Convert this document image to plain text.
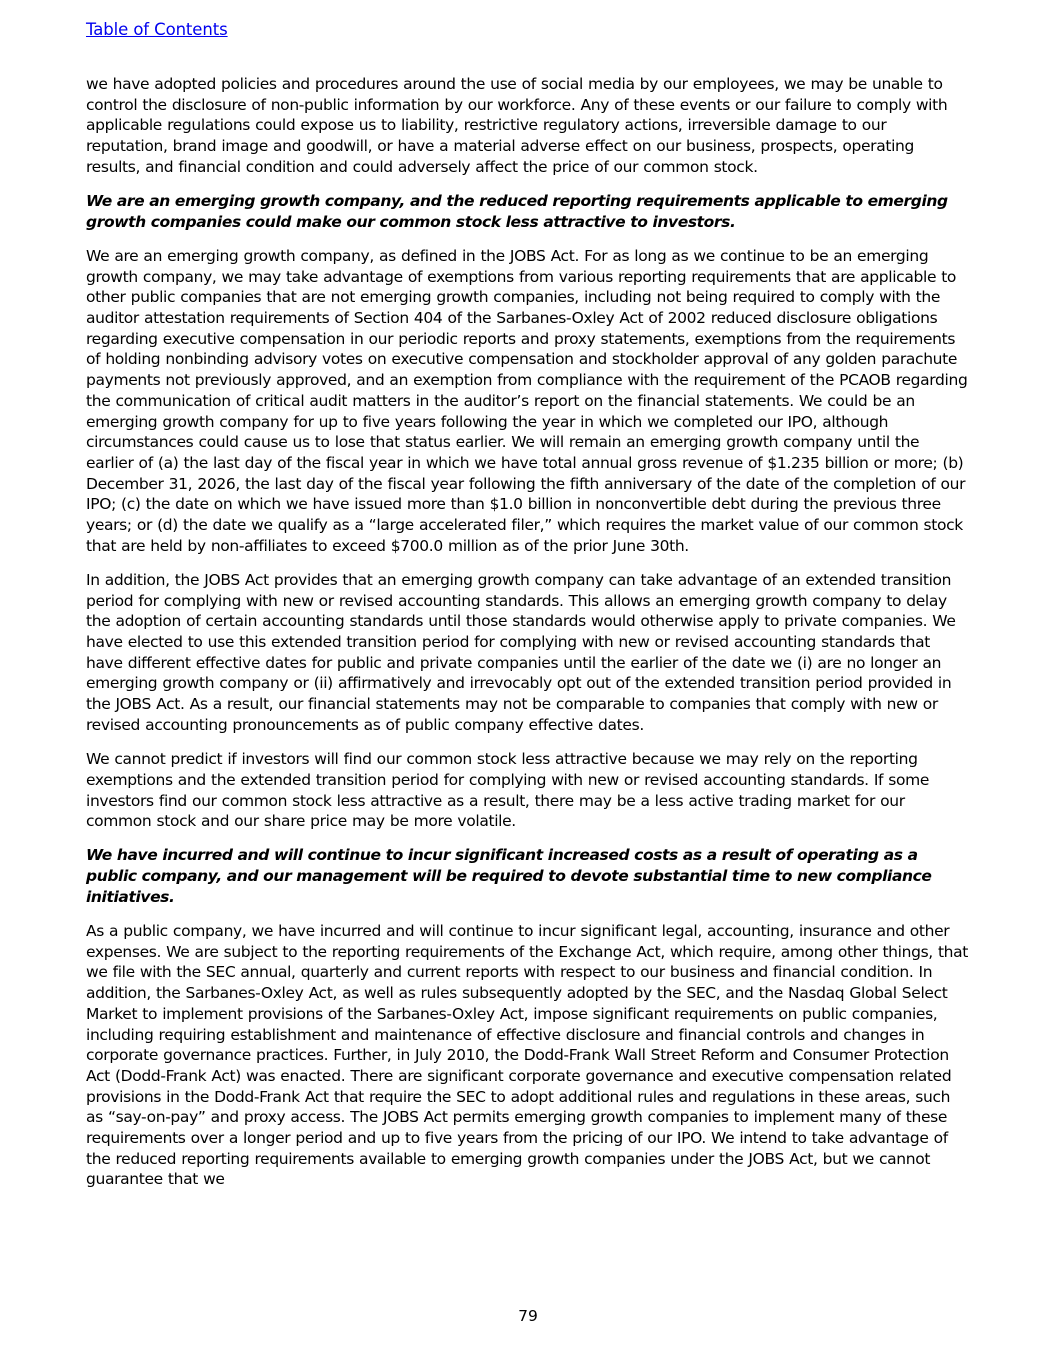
Table of Contents

we have adopted policies and procedures around the use of social media by our employees, we may be unable to control the disclosure of non-public information by our workforce. Any of these events or our failure to comply with applicable regulations could expose us to liability, restrictive regulatory actions, irreversible damage to our reputation, brand image and goodwill, or have a material adverse effect on our business, prospects, operating results, and financial condition and could adversely affect the price of our common stock.

We are an emerging growth company, and the reduced reporting requirements applicable to emerging growth companies could make our common stock less attractive to investors.

We are an emerging growth company, as defined in the JOBS Act. For as long as we continue to be an emerging growth company, we may take advantage of exemptions from various reporting requirements that are applicable to other public companies that are not emerging growth companies, including not being required to comply with the auditor attestation requirements of Section 404 of the Sarbanes-Oxley Act of 2002 reduced disclosure obligations regarding executive compensation in our periodic reports and proxy statements, exemptions from the requirements of holding nonbinding advisory votes on executive compensation and stockholder approval of any golden parachute payments not previously approved, and an exemption from compliance with the requirement of the PCAOB regarding the communication of critical audit matters in the auditor’s report on the financial statements. We could be an emerging growth company for up to five years following the year in which we completed our IPO, although circumstances could cause us to lose that status earlier. We will remain an emerging growth company until the earlier of (a) the last day of the fiscal year in which we have total annual gross revenue of $1.235 billion or more; (b) December 31, 2026, the last day of the fiscal year following the fifth anniversary of the date of the completion of our IPO; (c) the date on which we have issued more than $1.0 billion in nonconvertible debt during the previous three years; or (d) the date we qualify as a “large accelerated filer,” which requires the market value of our common stock that are held by non-affiliates to exceed $700.0 million as of the prior June 30th.

In addition, the JOBS Act provides that an emerging growth company can take advantage of an extended transition period for complying with new or revised accounting standards. This allows an emerging growth company to delay the adoption of certain accounting standards until those standards would otherwise apply to private companies. We have elected to use this extended transition period for complying with new or revised accounting standards that have different effective dates for public and private companies until the earlier of the date we (i) are no longer an emerging growth company or (ii) affirmatively and irrevocably opt out of the extended transition period provided in the JOBS Act. As a result, our financial statements may not be comparable to companies that comply with new or revised accounting pronouncements as of public company effective dates.

We cannot predict if investors will find our common stock less attractive because we may rely on the reporting exemptions and the extended transition period for complying with new or revised accounting standards. If some investors find our common stock less attractive as a result, there may be a less active trading market for our common stock and our share price may be more volatile.

We have incurred and will continue to incur significant increased costs as a result of operating as a public company, and our management will be required to devote substantial time to new compliance initiatives.

As a public company, we have incurred and will continue to incur significant legal, accounting, insurance and other expenses. We are subject to the reporting requirements of the Exchange Act, which require, among other things, that we file with the SEC annual, quarterly and current reports with respect to our business and financial condition. In addition, the Sarbanes-Oxley Act, as well as rules subsequently adopted by the SEC, and the Nasdaq Global Select Market to implement provisions of the Sarbanes-Oxley Act, impose significant requirements on public companies, including requiring establishment and maintenance of effective disclosure and financial controls and changes in corporate governance practices. Further, in July 2010, the Dodd-Frank Wall Street Reform and Consumer Protection Act (Dodd-Frank Act) was enacted. There are significant corporate governance and executive compensation related provisions in the Dodd-Frank Act that require the SEC to adopt additional rules and regulations in these areas, such as “say-on-pay” and proxy access. The JOBS Act permits emerging growth companies to implement many of these requirements over a longer period and up to five years from the pricing of our IPO. We intend to take advantage of the reduced reporting requirements available to emerging growth companies under the JOBS Act, but we cannot guarantee that we

79
